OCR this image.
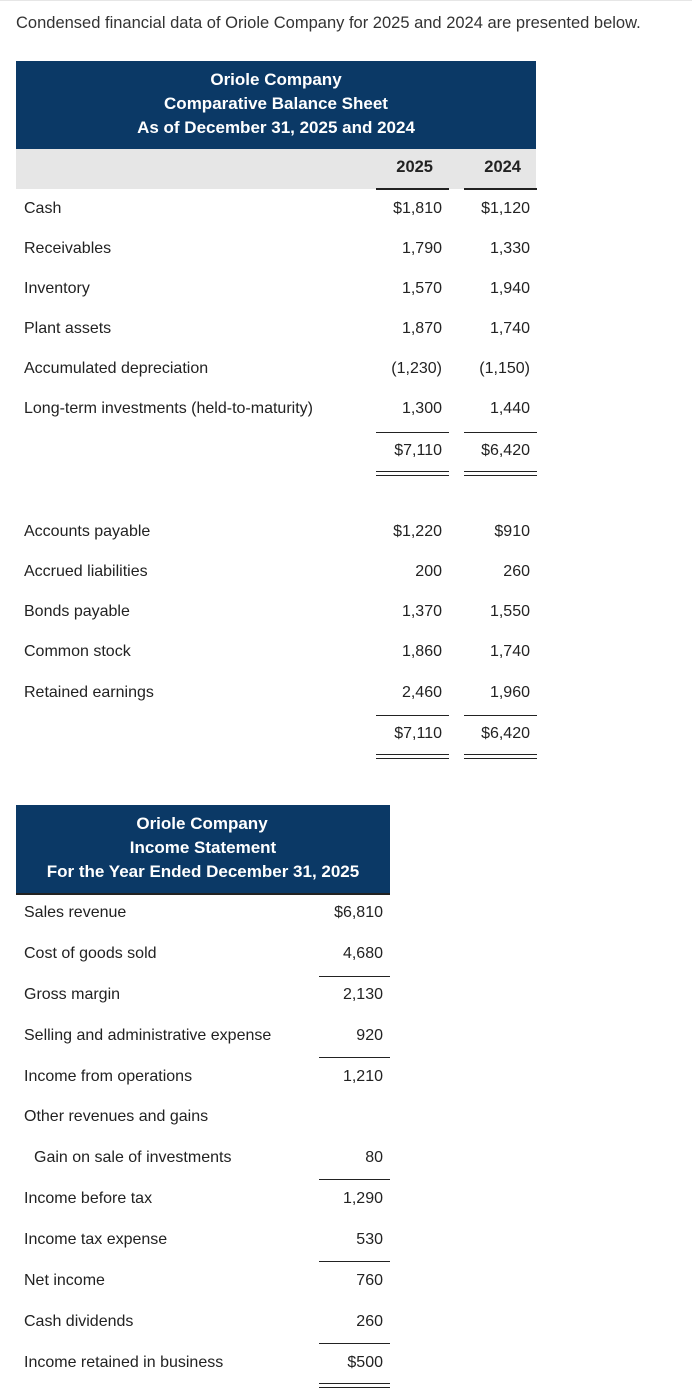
Condensed financial data of Oriole Company for 2025 and 2024 are presented below.
Oriole Company
Comparative Balance Sheet
As of December 31, 2025 and 2024
2025	2024
Cash	$1,810 $1,120
Receivables	1,790	1,330
Inventory	1,570	1,940
Plant assets	1,870	1,740
Accumulated depreciation	(1,230) (1,150)
Long-term investments (held-to-maturity)	1,300	1,440
$7,110 $6,420
Accounts payable	$1,220	$910
Accrued liabilities	200	260
Bonds payable	1,370	1,550
Common stock	1,860	1,740
Retained earnings	2,460	1,960
$7,110 $6,420
Oriole Company
Income Statement
For the Year Ended December 31, 2025
Sales revenue	$6,810
Cost of goods sold	4,680
Gross margin	2,130
Selling and administrative expense	920
Income from operations	1,210
Other revenues and gains
Gain on sale of investments	80
Income before tax	1,290
Income tax expense	530
Net income	760
Cash dividends	260
Income retained in business	$500
